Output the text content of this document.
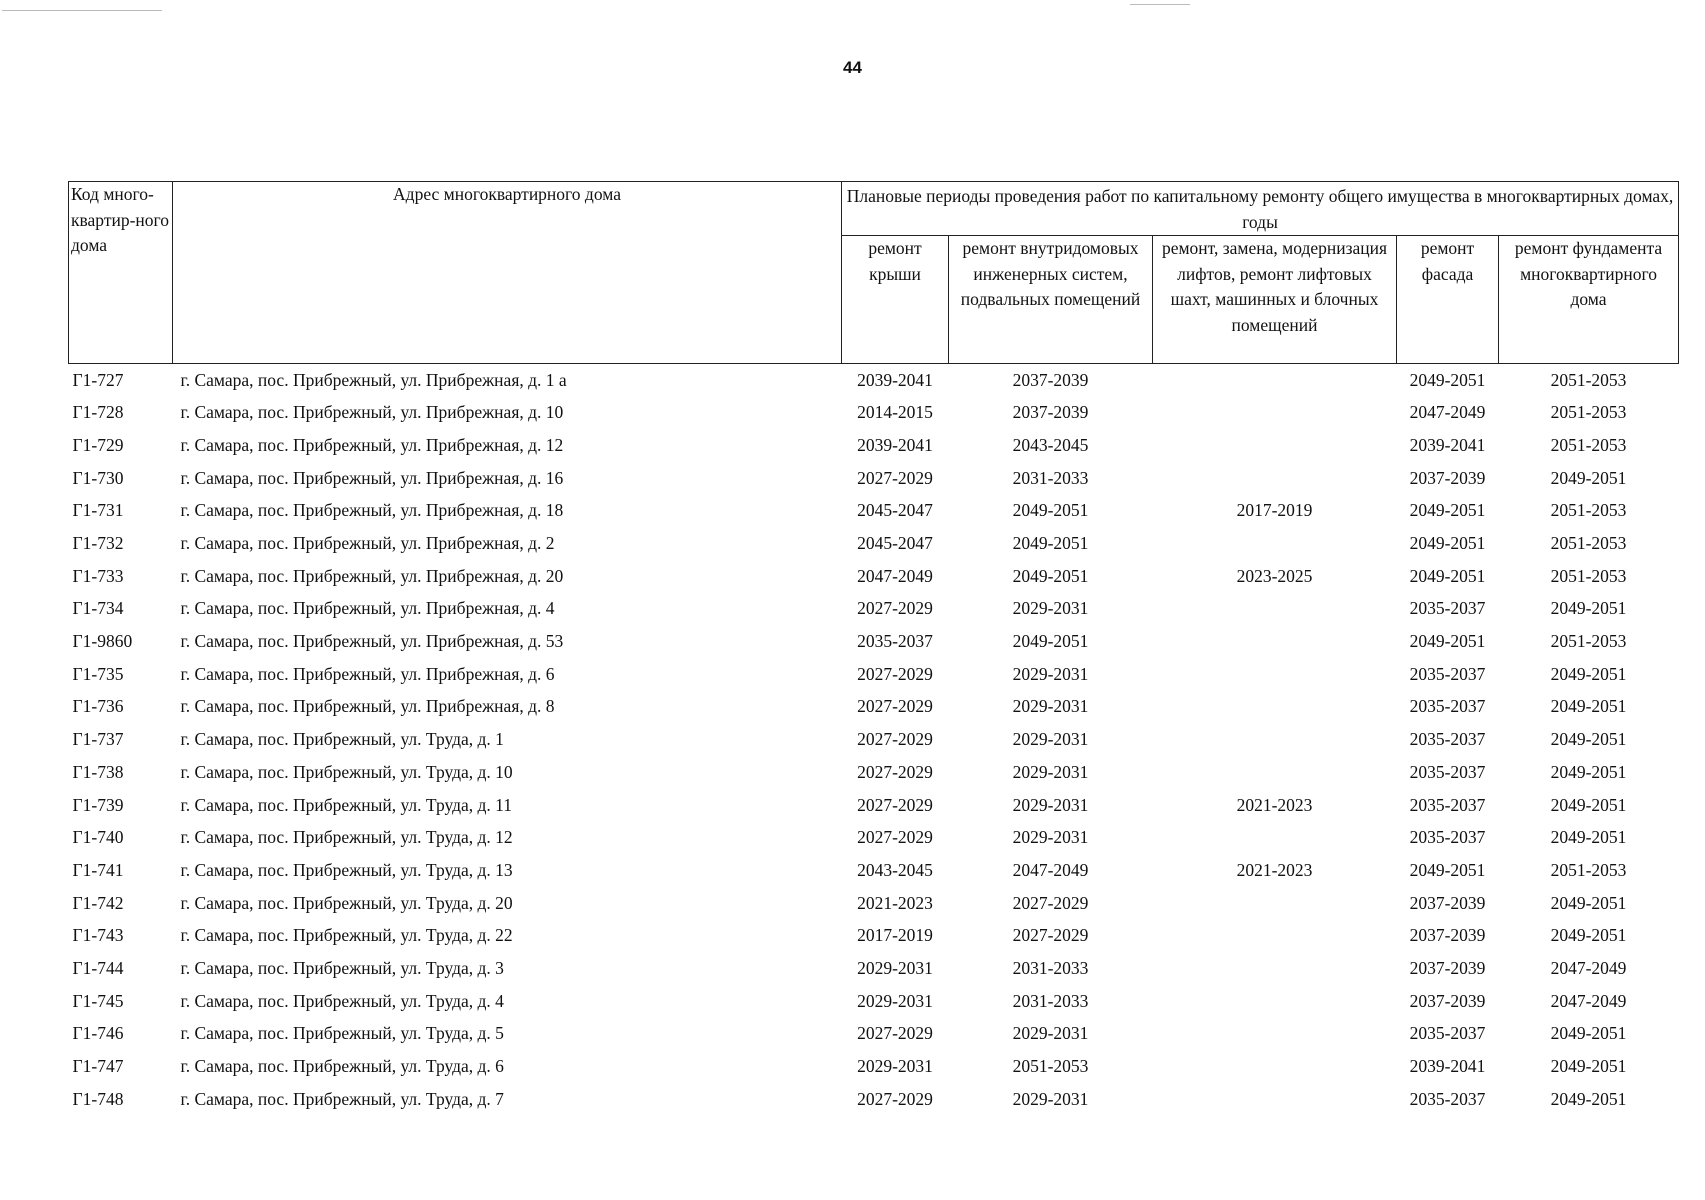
44
Код много-квартир-ного дома	Адрес многоквартирного дома	Плановые периоды проведения работ по капитальному ремонту общего имущества в многоквартирных домах, годы				
		ремонт крыши	ремонт внутридомовых инженерных систем, подвальных помещений	ремонт, замена, модернизация лифтов, ремонт лифтовых шахт, машинных и блочных помещений	ремонт фасада	ремонт фундамента многоквартирного дома
Г1-727	г. Самара, пос. Прибрежный, ул. Прибрежная, д. 1 а	2039-2041	2037-2039		2049-2051	2051-2053
Г1-728	г. Самара, пос. Прибрежный, ул. Прибрежная, д. 10	2014-2015	2037-2039		2047-2049	2051-2053
Г1-729	г. Самара, пос. Прибрежный, ул. Прибрежная, д. 12	2039-2041	2043-2045		2039-2041	2051-2053
Г1-730	г. Самара, пос. Прибрежный, ул. Прибрежная, д. 16	2027-2029	2031-2033		2037-2039	2049-2051
Г1-731	г. Самара, пос. Прибрежный, ул. Прибрежная, д. 18	2045-2047	2049-2051	2017-2019	2049-2051	2051-2053
Г1-732	г. Самара, пос. Прибрежный, ул. Прибрежная, д. 2	2045-2047	2049-2051		2049-2051	2051-2053
Г1-733	г. Самара, пос. Прибрежный, ул. Прибрежная, д. 20	2047-2049	2049-2051	2023-2025	2049-2051	2051-2053
Г1-734	г. Самара, пос. Прибрежный, ул. Прибрежная, д. 4	2027-2029	2029-2031		2035-2037	2049-2051
Г1-9860	г. Самара, пос. Прибрежный, ул. Прибрежная, д. 53	2035-2037	2049-2051		2049-2051	2051-2053
Г1-735	г. Самара, пос. Прибрежный, ул. Прибрежная, д. 6	2027-2029	2029-2031		2035-2037	2049-2051
Г1-736	г. Самара, пос. Прибрежный, ул. Прибрежная, д. 8	2027-2029	2029-2031		2035-2037	2049-2051
Г1-737	г. Самара, пос. Прибрежный, ул. Труда, д. 1	2027-2029	2029-2031		2035-2037	2049-2051
Г1-738	г. Самара, пос. Прибрежный, ул. Труда, д. 10	2027-2029	2029-2031		2035-2037	2049-2051
Г1-739	г. Самара, пос. Прибрежный, ул. Труда, д. 11	2027-2029	2029-2031	2021-2023	2035-2037	2049-2051
Г1-740	г. Самара, пос. Прибрежный, ул. Труда, д. 12	2027-2029	2029-2031		2035-2037	2049-2051
Г1-741	г. Самара, пос. Прибрежный, ул. Труда, д. 13	2043-2045	2047-2049	2021-2023	2049-2051	2051-2053
Г1-742	г. Самара, пос. Прибрежный, ул. Труда, д. 20	2021-2023	2027-2029		2037-2039	2049-2051
Г1-743	г. Самара, пос. Прибрежный, ул. Труда, д. 22	2017-2019	2027-2029		2037-2039	2049-2051
Г1-744	г. Самара, пос. Прибрежный, ул. Труда, д. 3	2029-2031	2031-2033		2037-2039	2047-2049
Г1-745	г. Самара, пос. Прибрежный, ул. Труда, д. 4	2029-2031	2031-2033		2037-2039	2047-2049
Г1-746	г. Самара, пос. Прибрежный, ул. Труда, д. 5	2027-2029	2029-2031		2035-2037	2049-2051
Г1-747	г. Самара, пос. Прибрежный, ул. Труда, д. 6	2029-2031	2051-2053		2039-2041	2049-2051
Г1-748	г. Самара, пос. Прибрежный, ул. Труда, д. 7	2027-2029	2029-2031		2035-2037	2049-2051
